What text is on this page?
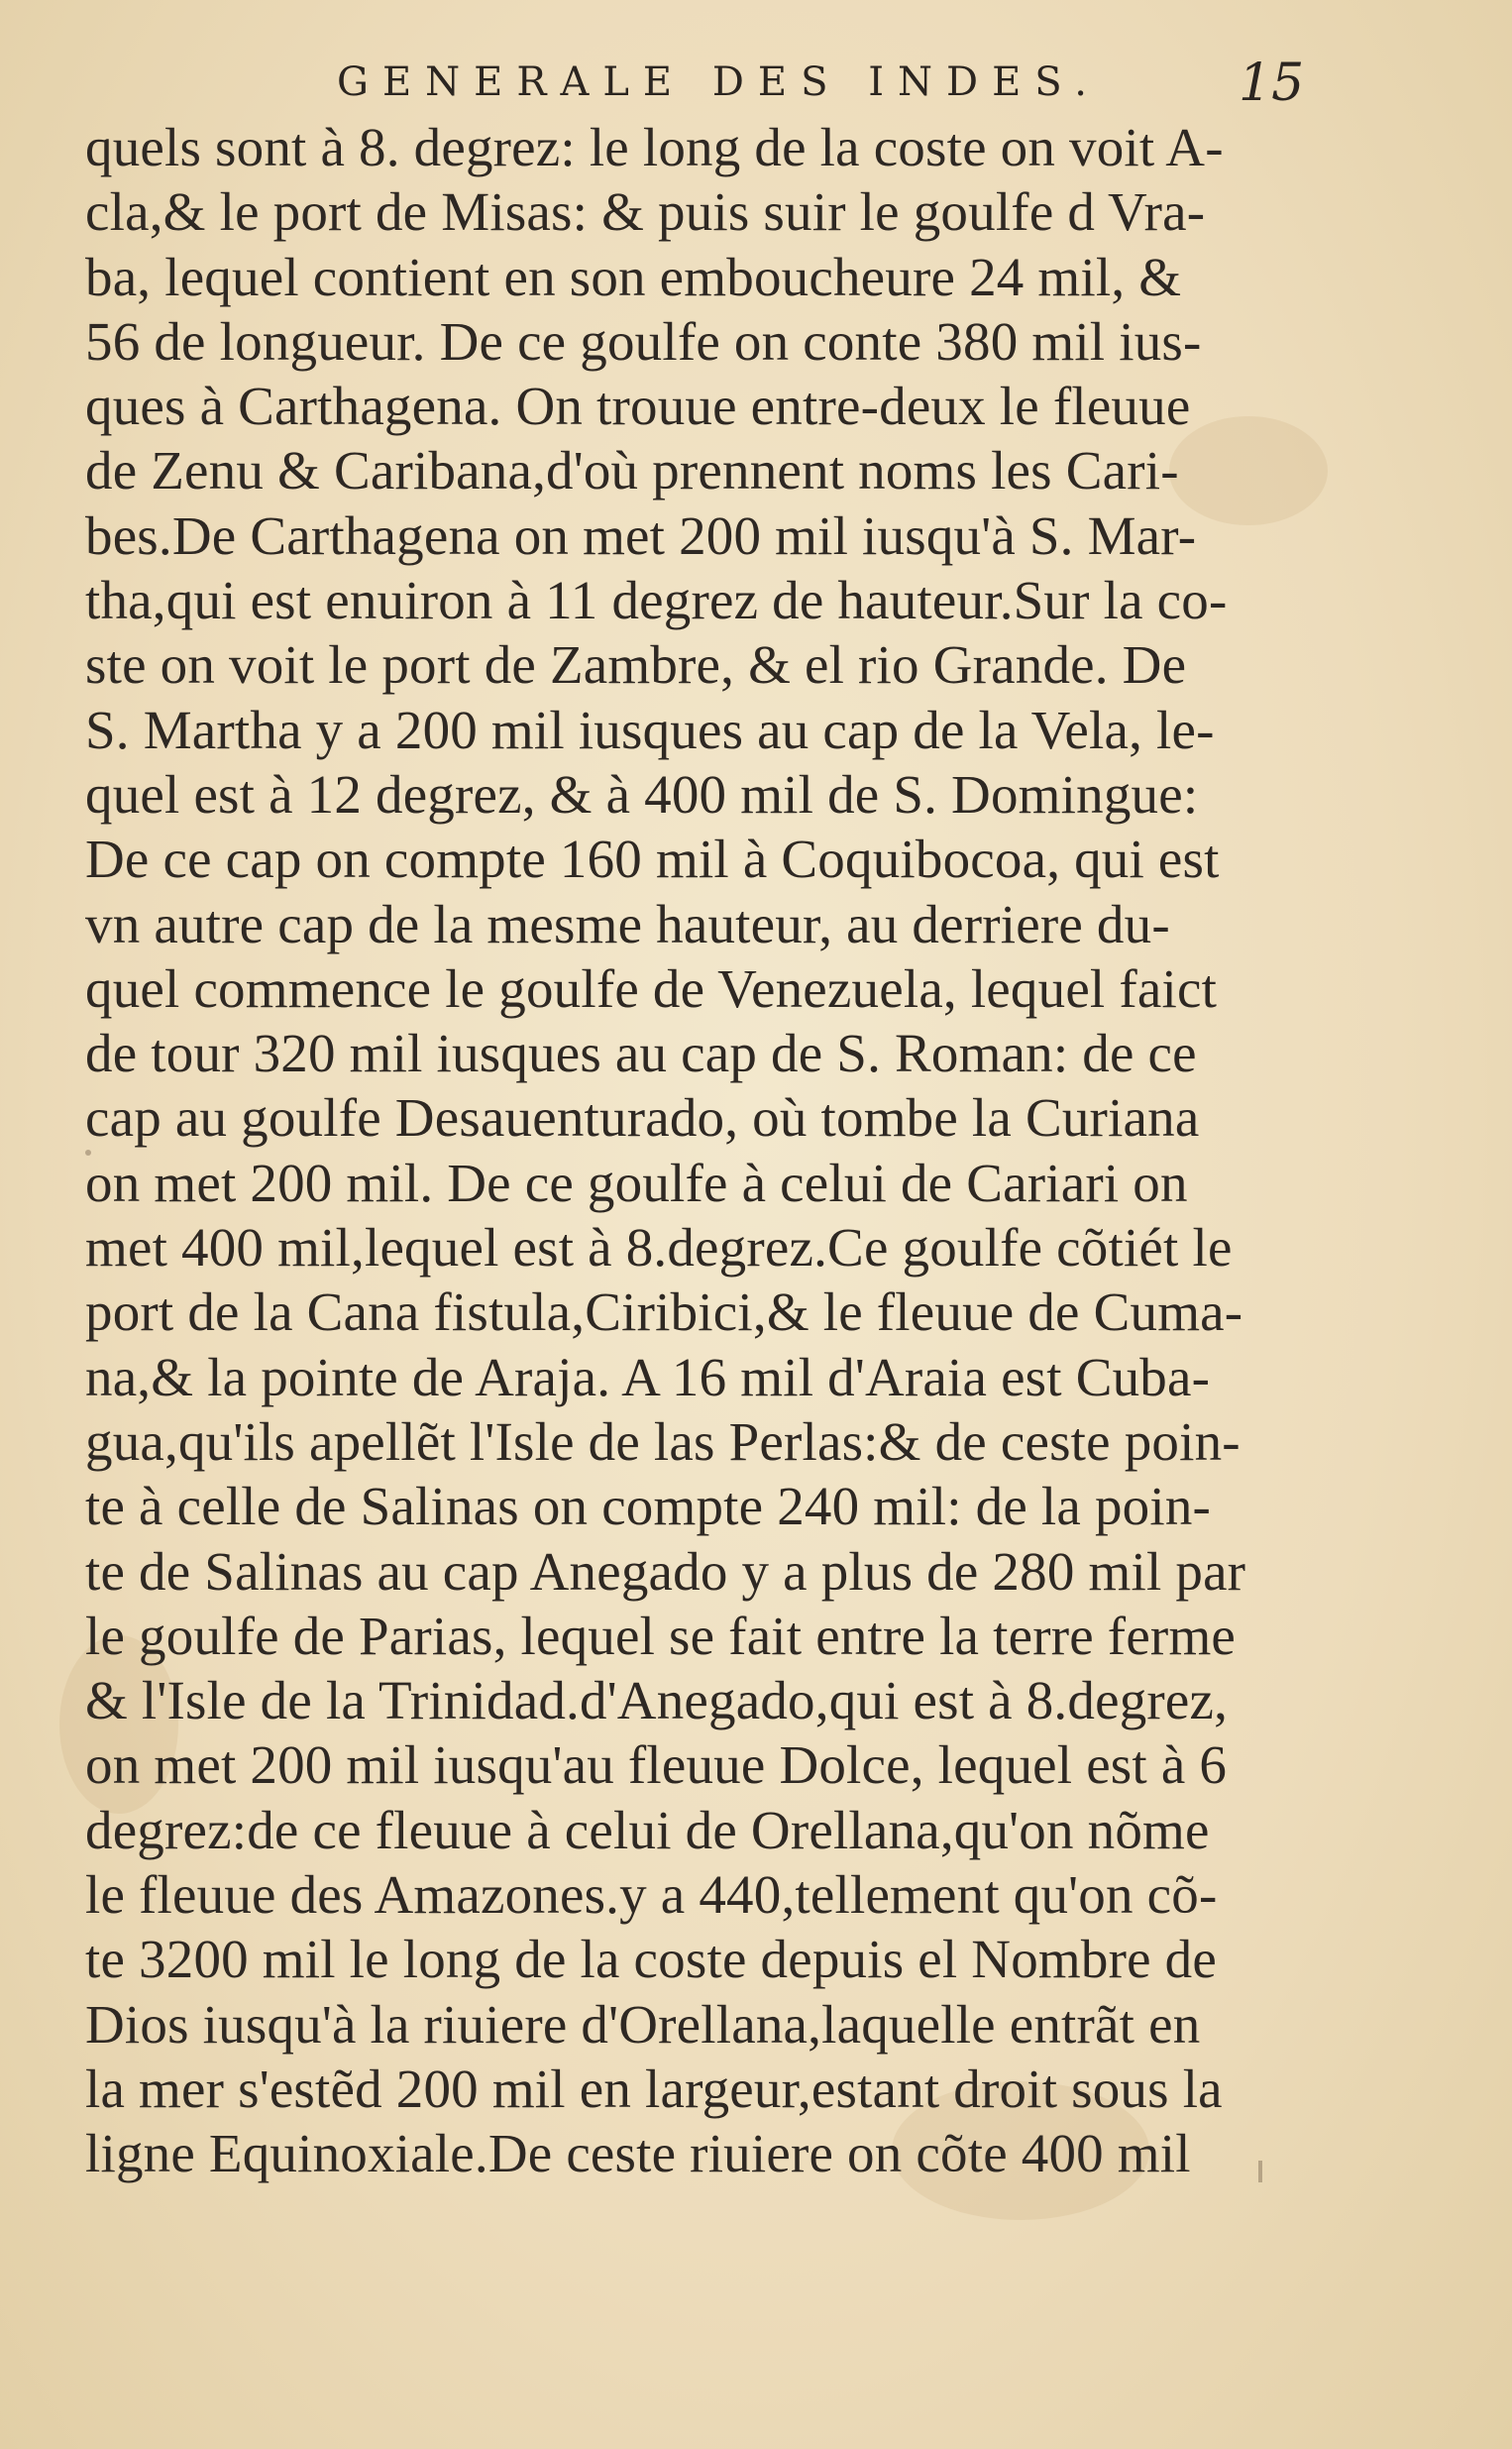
GENERALE DES INDES.	15
quels sont à 8. degrez: le long de la coste on voit A-
cla,& le port de Misas: & puis suir le goulfe d Vra-
ba, lequel contient en son emboucheure 24 mil, &
56 de longueur. De ce goulfe on conte 380 mil ius-
ques à Carthagena. On trouue entre-deux le fleuue
de Zenu & Caribana,d'où prennent noms les Cari-
bes.De Carthagena on met 200 mil iusqu'à S. Mar-
tha,qui est enuiron à 11 degrez de hauteur.Sur la co-
ste on voit le port de Zambre, & el rio Grande. De
S. Martha y a 200 mil iusques au cap de la Vela, le-
quel est à 12 degrez, & à 400 mil de S. Domingue:
De ce cap on compte 160 mil à Coquibocoa, qui est
vn autre cap de la mesme hauteur, au derriere du-
quel commence le goulfe de Venezuela, lequel faict
de tour 320 mil iusques au cap de S. Roman: de ce
cap au goulfe Desauenturado, où tombe la Curiana
on met 200 mil. De ce goulfe à celui de Cariari on
met 400 mil,lequel est à 8.degrez.Ce goulfe cõtiét le
port de la Cana fistula,Ciribici,& le fleuue de Cuma-
na,& la pointe de Araja. A 16 mil d'Araia est Cuba-
gua,qu'ils apellẽt l'Isle de las Perlas:& de ceste poin-
te à celle de Salinas on compte 240 mil: de la poin-
te de Salinas au cap Anegado y a plus de 280 mil par
le goulfe de Parias, lequel se fait entre la terre ferme
& l'Isle de la Trinidad.d'Anegado,qui est à 8.degrez,
on met 200 mil iusqu'au fleuue Dolce, lequel est à 6
degrez:de ce fleuue à celui de Orellana,qu'on nõme
le fleuue des Amazones.y a 440,tellement qu'on cõ-
te 3200 mil le long de la coste depuis el Nombre de
Dios iusqu'à la riuiere d'Orellana,laquelle entrãt en
la mer s'estẽd 200 mil en largeur,estant droit sous la
ligne Equinoxiale.De ceste riuiere on cõte 400 mil
